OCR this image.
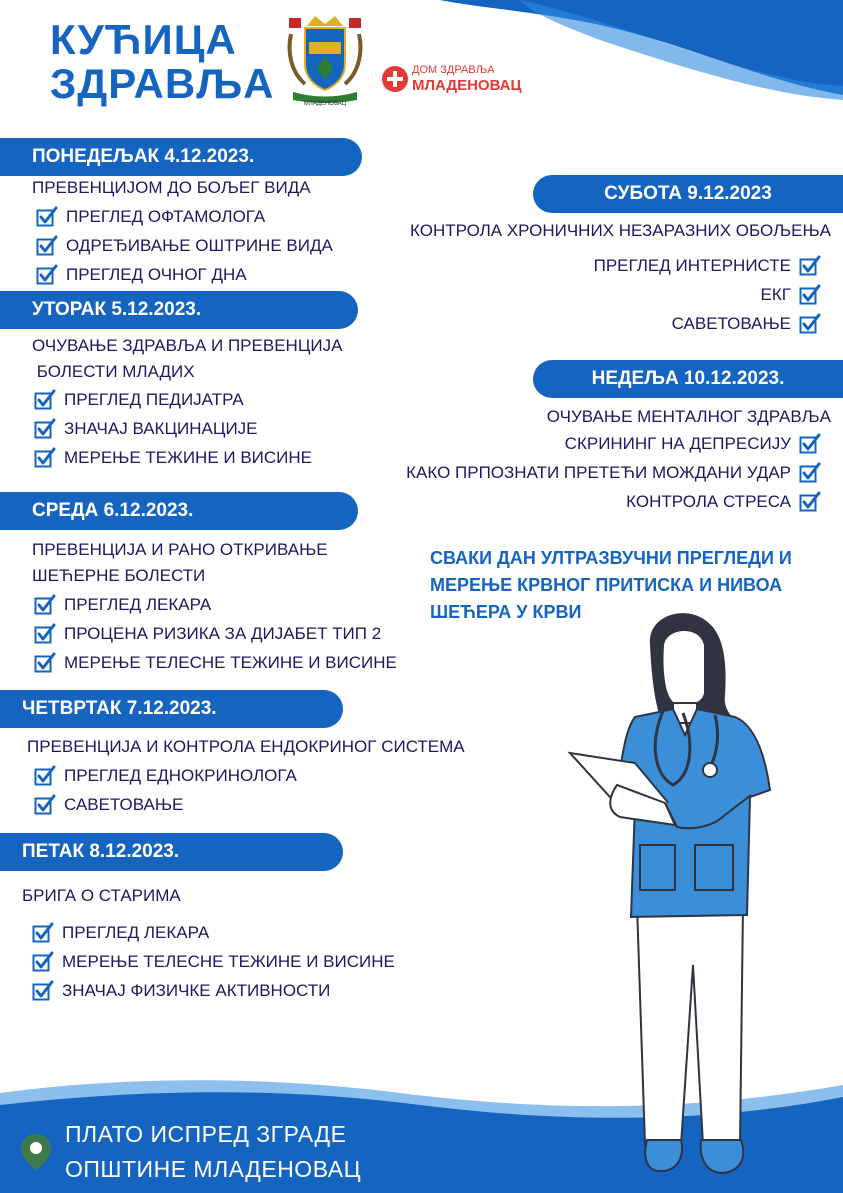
КУЋИЦА
ЗДРАВЉА	МЛАДЕНОВАЦ
ДОМ ЗДРАВЉА
МЛАДЕНОВАЦ
ПОНЕДЕЉАК 4.12.2023.
ПРЕВЕНЦИЈОМ ДО БОЉЕГ ВИДА
ПРЕГЛЕД ОФТАМОЛОГА
ОДРЕЂИВАЊЕ ОШТРИНЕ ВИДА
ПРЕГЛЕД ОЧНОГ ДНА
УТОРАК 5.12.2023.
ОЧУВАЊЕ ЗДРАВЉА И ПРЕВЕНЦИЈА
БОЛЕСТИ МЛАДИХ
ПРЕГЛЕД ПЕДИЈАТРА
ЗНАЧАЈ ВАКЦИНАЦИЈЕ
МЕРЕЊЕ ТЕЖИНЕ И ВИСИНЕ
СРЕДА 6.12.2023.
ПРЕВЕНЦИЈА И РАНО ОТКРИВАЊЕ
ШЕЋЕРНЕ БОЛЕСТИ
ПРЕГЛЕД ЛЕКАРА
ПРОЦЕНА РИЗИКА ЗА ДИЈАБЕТ ТИП 2
МЕРЕЊЕ ТЕЛЕСНЕ ТЕЖИНЕ И ВИСИНЕ
ЧЕТВРТАК 7.12.2023.
ПРЕВЕНЦИЈА И КОНТРОЛА ЕНДОКРИНОГ СИСТЕМА
ПРЕГЛЕД ЕДНОКРИНОЛОГА
САВЕТОВАЊЕ
ПЕТАК 8.12.2023.
БРИГА О СТАРИМА
ПРЕГЛЕД ЛЕКАРА
МЕРЕЊЕ ТЕЛЕСНЕ ТЕЖИНЕ И ВИСИНЕ
ЗНАЧАЈ ФИЗИЧКЕ АКТИВНОСТИ
СУБОТА 9.12.2023
КОНТРОЛА ХРОНИЧНИХ НЕЗАРАЗНИХ ОБОЉЕЊА
ПРЕГЛЕД ИНТЕРНИСТЕ
ЕКГ
САВЕТОВАЊЕ
НЕДЕЉА 10.12.2023.
ОЧУВАЊЕ МЕНТАЛНОГ ЗДРАВЉА
СКРИНИНГ НА ДЕПРЕСИЈУ
КАКО ПРПОЗНАТИ ПРЕТЕЋИ МОЖДАНИ УДАР
КОНТРОЛА СТРЕСА
СВАКИ ДАН УЛТРАЗВУЧНИ ПРЕГЛЕДИ И
МЕРЕЊЕ КРВНОГ ПРИТИСКА И НИВОА
ШЕЋЕРА У КРВИ
ПЛАТО ИСПРЕД ЗГРАДЕ
ОПШТИНЕ МЛАДЕНОВАЦ
